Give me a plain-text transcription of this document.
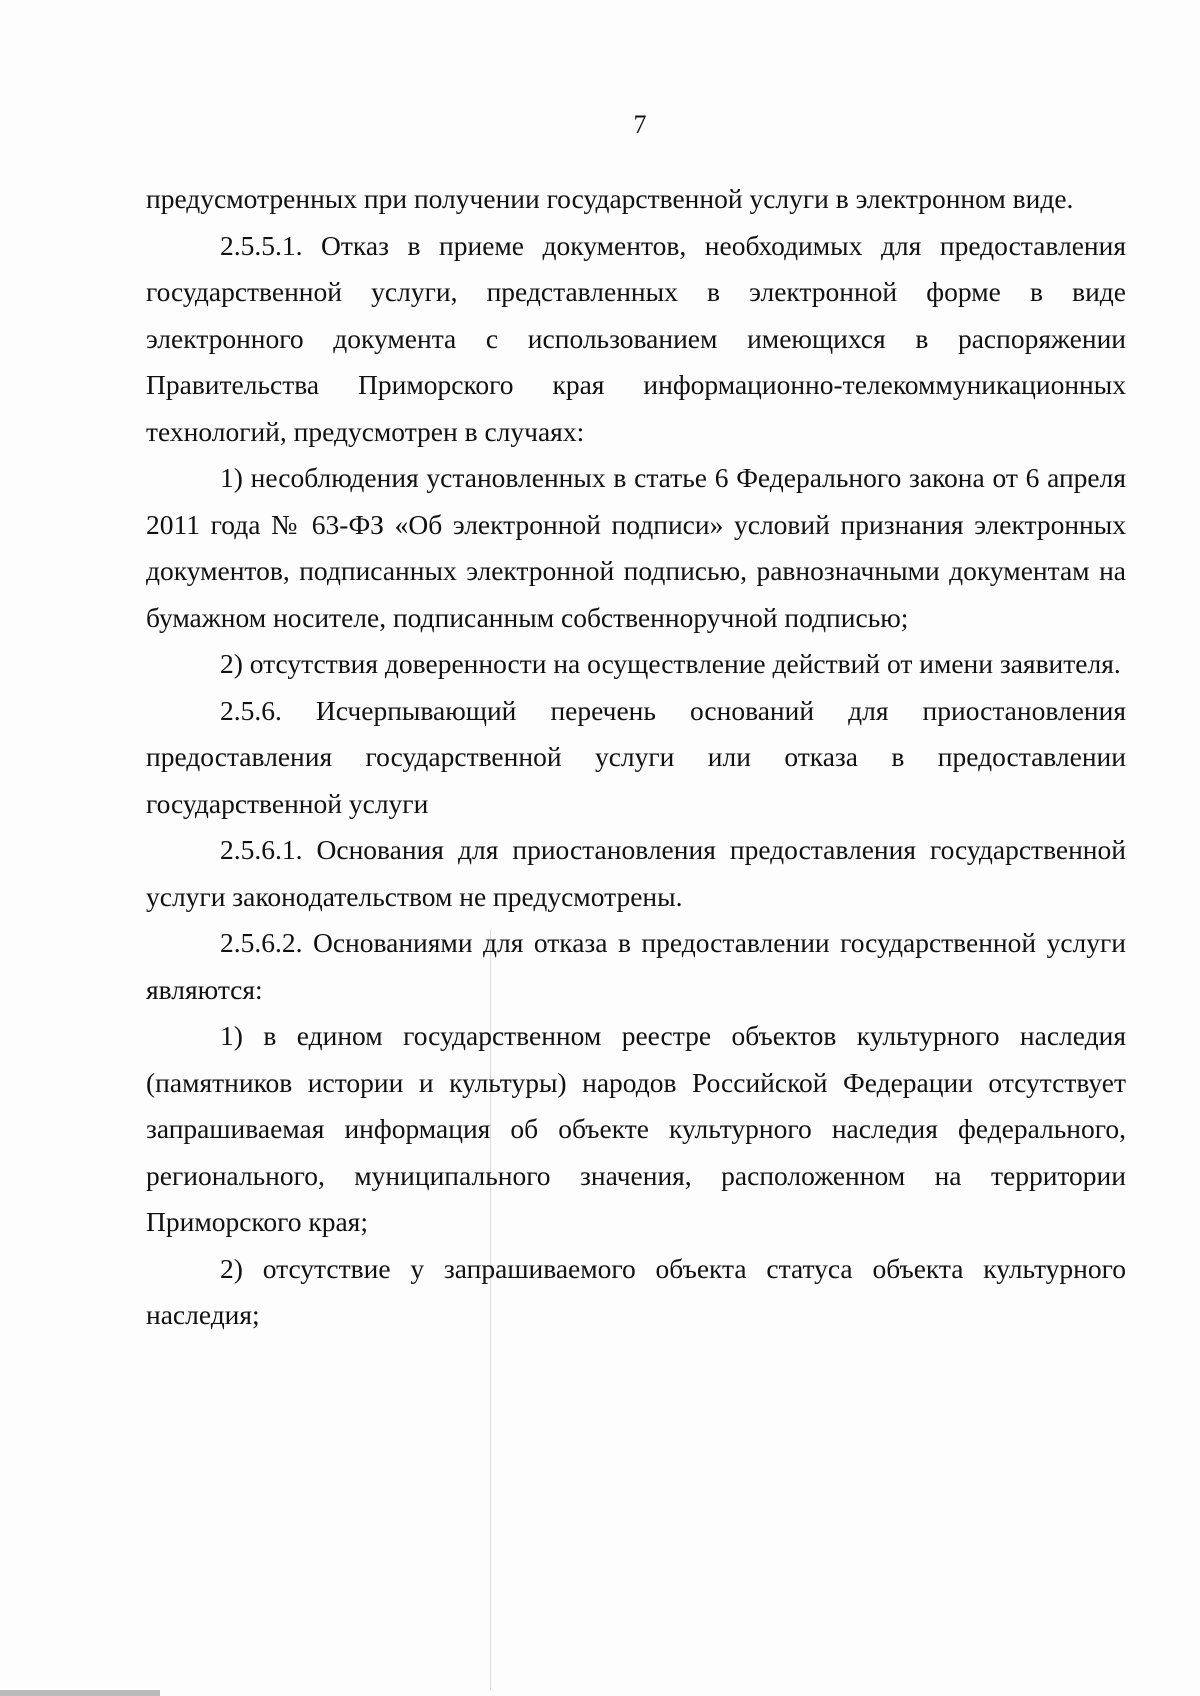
7

предусмотренных при получении государственной услуги в электронном виде.

2.5.5.1. Отказ в приеме документов, необходимых для предоставления государственной услуги, представленных в электронной форме в виде электронного документа с использованием имеющихся в распоряжении Правительства Приморского края информационно-телекоммуникационных технологий, предусмотрен в случаях:

1) несоблюдения установленных в статье 6 Федерального закона от 6 апреля 2011 года № 63-ФЗ «Об электронной подписи» условий признания электронных документов, подписанных электронной подписью, равнозначными документам на бумажном носителе, подписанным собственноручной подписью;

2) отсутствия доверенности на осуществление действий от имени заявителя.

2.5.6. Исчерпывающий перечень оснований для приостановления предоставления государственной услуги или отказа в предоставлении государственной услуги

2.5.6.1. Основания для приостановления предоставления государственной услуги законодательством не предусмотрены.

2.5.6.2. Основаниями для отказа в предоставлении государственной услуги являются:

1) в едином государственном реестре объектов культурного наследия (памятников истории и культуры) народов Российской Федерации отсутствует запрашиваемая информация об объекте культурного наследия федерального, регионального, муниципального значения, расположенном на территории Приморского края;

2) отсутствие у запрашиваемого объекта статуса объекта культурного наследия;
